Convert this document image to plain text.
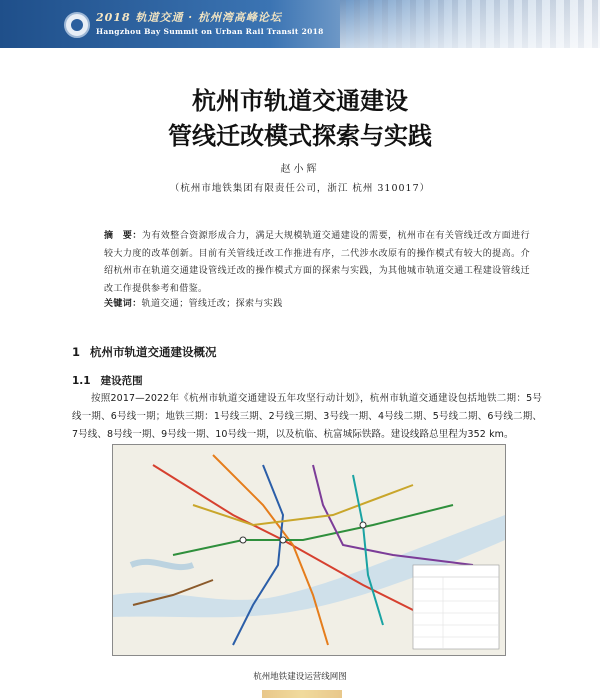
2018 轨道交通 · 杭州湾高峰论坛
Hangzhou Bay Summit on Urban Rail Transit 2018
杭州市轨道交通建设
管线迁改模式探索与实践
赵小辉
（杭州市地铁集团有限责任公司，浙江 杭州 310017）
摘　要：为有效整合资源形成合力，满足大规模轨道交通建设的需要，杭州市在有关管线迁改方面进行较大力度的改革创新。目前有关管线迁改工作推进有序，二代涉水改原有的操作模式有较大的提高。介绍杭州市在轨道交通建设管线迁改的操作模式方面的探索与实践，为其他城市轨道交通工程建设管线迁改工作提供参考和借鉴。
关键词：轨道交通；管线迁改；探索与实践
1 杭州市轨道交通建设概况
1.1 建设范围
按照2017—2022年《杭州市轨道交通建设五年攻坚行动计划》，杭州市轨道交通建设包括地铁二期：5号线一期、6号线一期；地铁三期：1号线三期、2号线三期、3号线一期、4号线二期、5号线二期、6号线二期、7号线、8号线一期、9号线一期、10号线一期，以及杭临、杭富城际铁路。建设线路总里程为352 km。
杭州地铁建设运营线网图
